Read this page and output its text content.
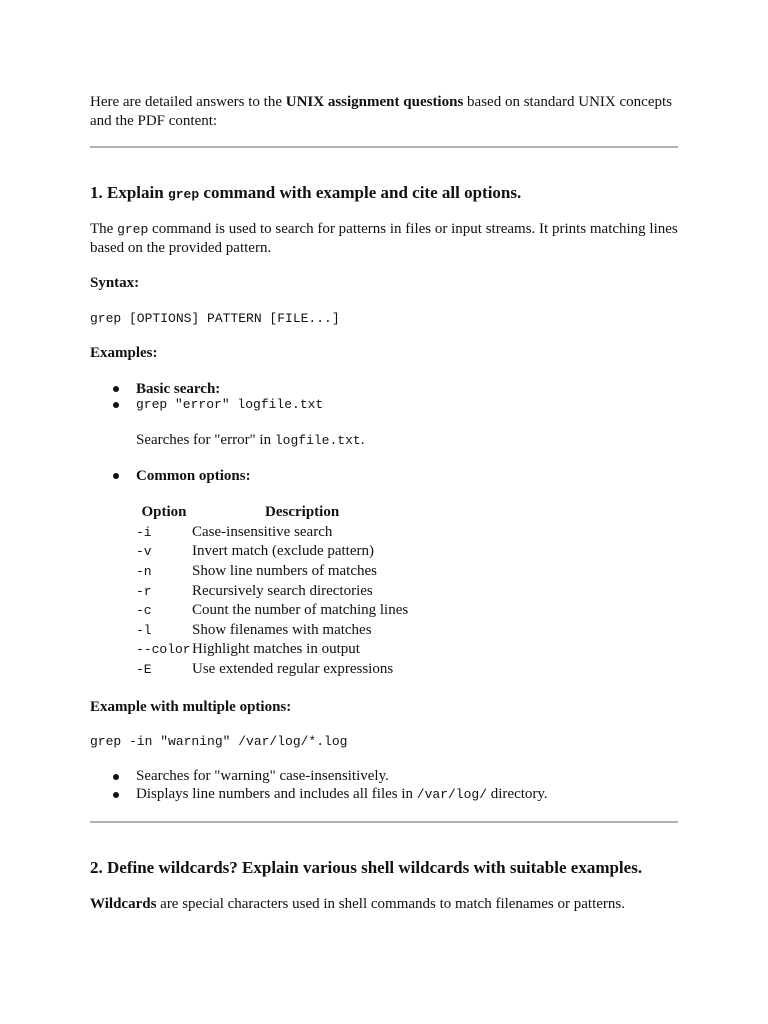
Here are detailed answers to the UNIX assignment questions based on standard UNIX concepts and the PDF content:
1. Explain grep command with example and cite all options.
The grep command is used to search for patterns in files or input streams. It prints matching lines based on the provided pattern.
Syntax:
grep [OPTIONS] PATTERN [FILE...]
Examples:
Basic search:
grep "error" logfile.txt
Searches for "error" in logfile.txt.
Common options:
Option	Description
-i	Case-insensitive search
-v	Invert match (exclude pattern)
-n	Show line numbers of matches
-r	Recursively search directories
-c	Count the number of matching lines
-l	Show filenames with matches
--color	Highlight matches in output
-E	Use extended regular expressions
Example with multiple options:
grep -in "warning" /var/log/*.log
Searches for "warning" case-insensitively.
Displays line numbers and includes all files in /var/log/ directory.
2. Define wildcards? Explain various shell wildcards with suitable examples.
Wildcards are special characters used in shell commands to match filenames or patterns.
